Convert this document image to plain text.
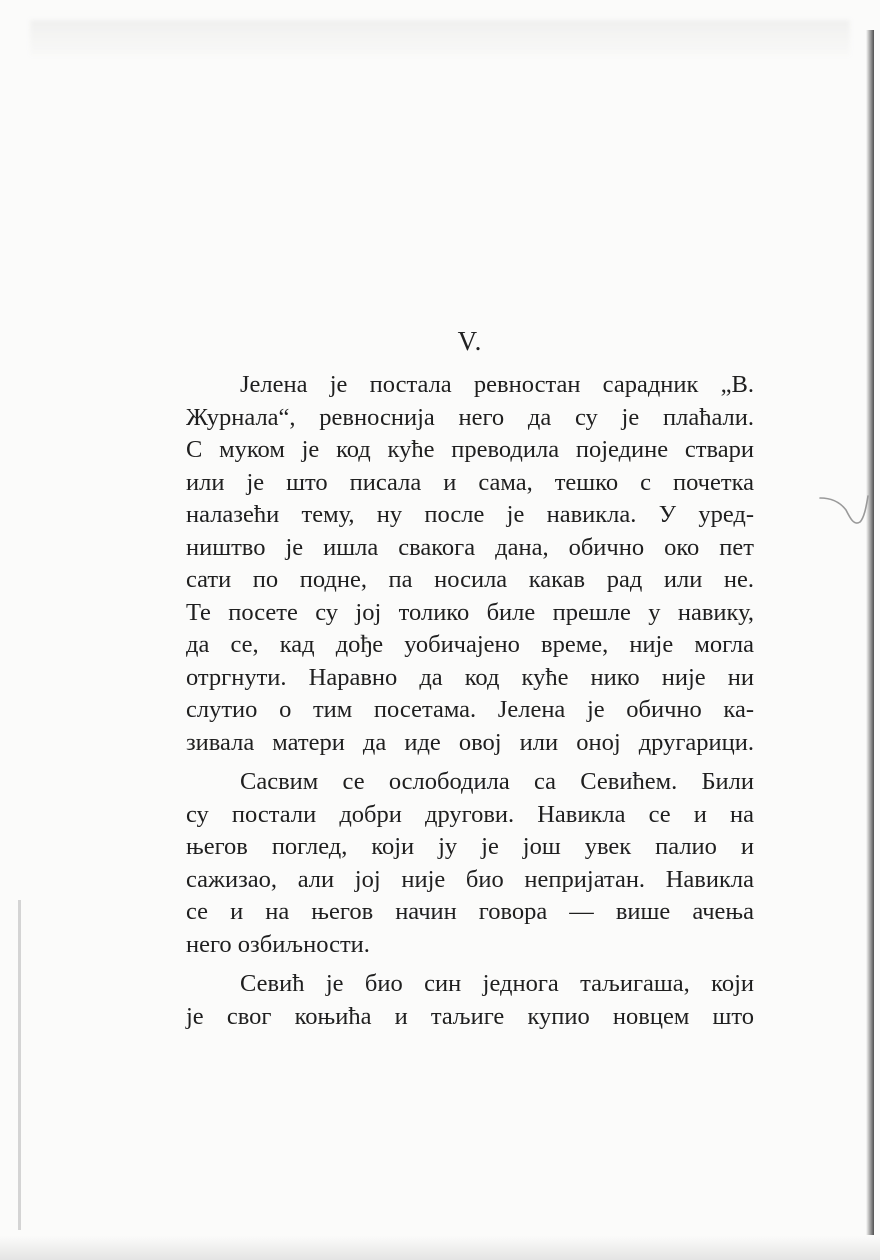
V.
Јелена је постала ревностан сарадник „В.
Журнала“, ревноснија него да су је плаћали.
С муком је код куће преводила поједине ствари
или је што писала и сама, тешко с почетка
налазећи тему, ну после је навикла. У уред-
ништво је ишла свакога дана, обично око пет
сати по подне, па носила какав рад или не.
Те посете су јој толико биле прешле у навику,
да се, кад дође уобичајено време, није могла
отргнути. Наравно да код куће нико није ни
слутио о тим посетама. Јелена је обично ка-
зивала матери да иде овој или оној другарици.
Сасвим се ослободила са Севићем. Били
су постали добри другови. Навикла се и на
његов поглед, који ју је још увек палио и
сажизао, али јој није био непријатан. Навикла
се и на његов начин говора — више ачења
него озбиљности.
Севић је био син једнога таљигаша, који
је свог коњића и таљиге купио новцем што
